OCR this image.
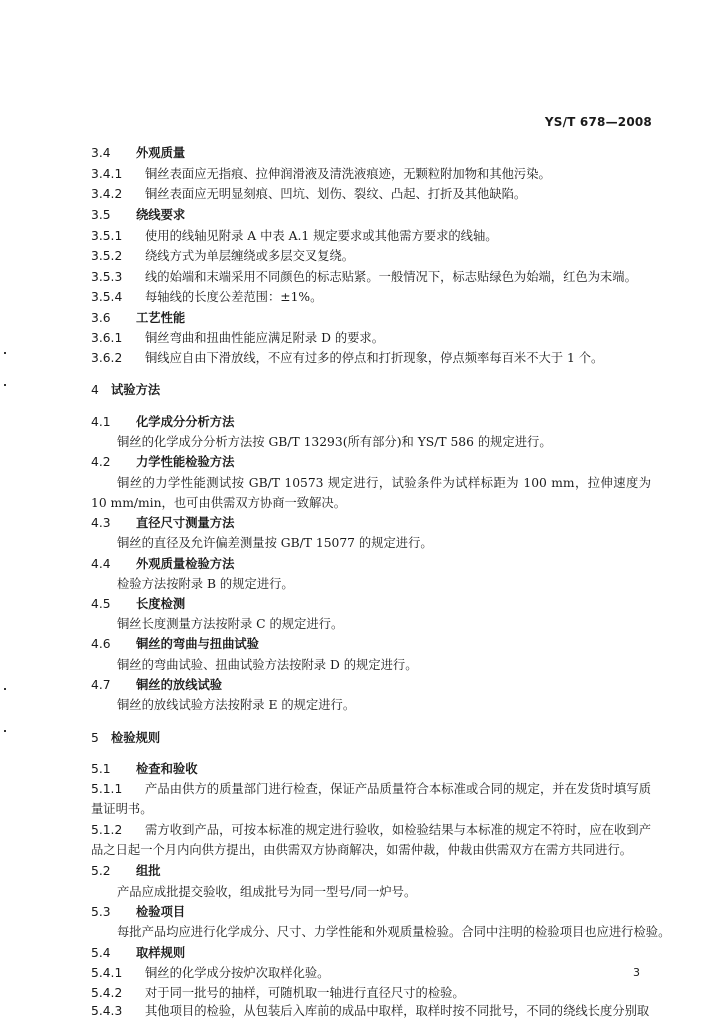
YS/T 678—2008
3.4 外观质量
3.4.1 铜丝表面应无指痕、拉伸润滑液及清洗液痕迹，无颗粒附加物和其他污染。
3.4.2 铜丝表面应无明显刻痕、凹坑、划伤、裂纹、凸起、打折及其他缺陷。
3.5 绕线要求
3.5.1 使用的线轴见附录 A 中表 A.1 规定要求或其他需方要求的线轴。
3.5.2 绕线方式为单层缠绕或多层交叉复绕。
3.5.3 线的始端和末端采用不同颜色的标志贴紧。一般情况下，标志贴绿色为始端，红色为末端。
3.5.4 每轴线的长度公差范围：±1%。
3.6 工艺性能
3.6.1 铜丝弯曲和扭曲性能应满足附录 D 的要求。
3.6.2 铜线应自由下滑放线，不应有过多的停点和打折现象，停点频率每百米不大于 1 个。
4 试验方法
4.1 化学成分分析方法
铜丝的化学成分分析方法按 GB/T 13293(所有部分)和 YS/T 586 的规定进行。
4.2 力学性能检验方法
铜丝的力学性能测试按 GB/T 10573 规定进行，试验条件为试样标距为 100 mm，拉伸速度为 10 mm/min，也可由供需双方协商一致解决。
4.3 直径尺寸测量方法
铜丝的直径及允许偏差测量按 GB/T 15077 的规定进行。
4.4 外观质量检验方法
检验方法按附录 B 的规定进行。
4.5 长度检测
铜丝长度测量方法按附录 C 的规定进行。
4.6 铜丝的弯曲与扭曲试验
铜丝的弯曲试验、扭曲试验方法按附录 D 的规定进行。
4.7 铜丝的放线试验
铜丝的放线试验方法按附录 E 的规定进行。
5 检验规则
5.1 检查和验收
5.1.1 产品由供方的质量部门进行检查，保证产品质量符合本标准或合同的规定，并在发货时填写质量证明书。
5.1.2 需方收到产品，可按本标准的规定进行验收，如检验结果与本标准的规定不符时，应在收到产品之日起一个月内向供方提出，由供需双方协商解决，如需仲裁，仲裁由供需双方在需方共同进行。
5.2 组批
产品应成批提交验收，组成批号为同一型号/同一炉号。
5.3 检验项目
每批产品均应进行化学成分、尺寸、力学性能和外观质量检验。合同中注明的检验项目也应进行检验。
5.4 取样规则
5.4.1 铜丝的化学成分按炉次取样化验。
5.4.2 对于同一批号的抽样，可随机取一轴进行直径尺寸的检验。
5.4.3 其他项目的检验，从包装后入库前的成品中取样，取样时按不同批号，不同的绕线长度分别取
3
